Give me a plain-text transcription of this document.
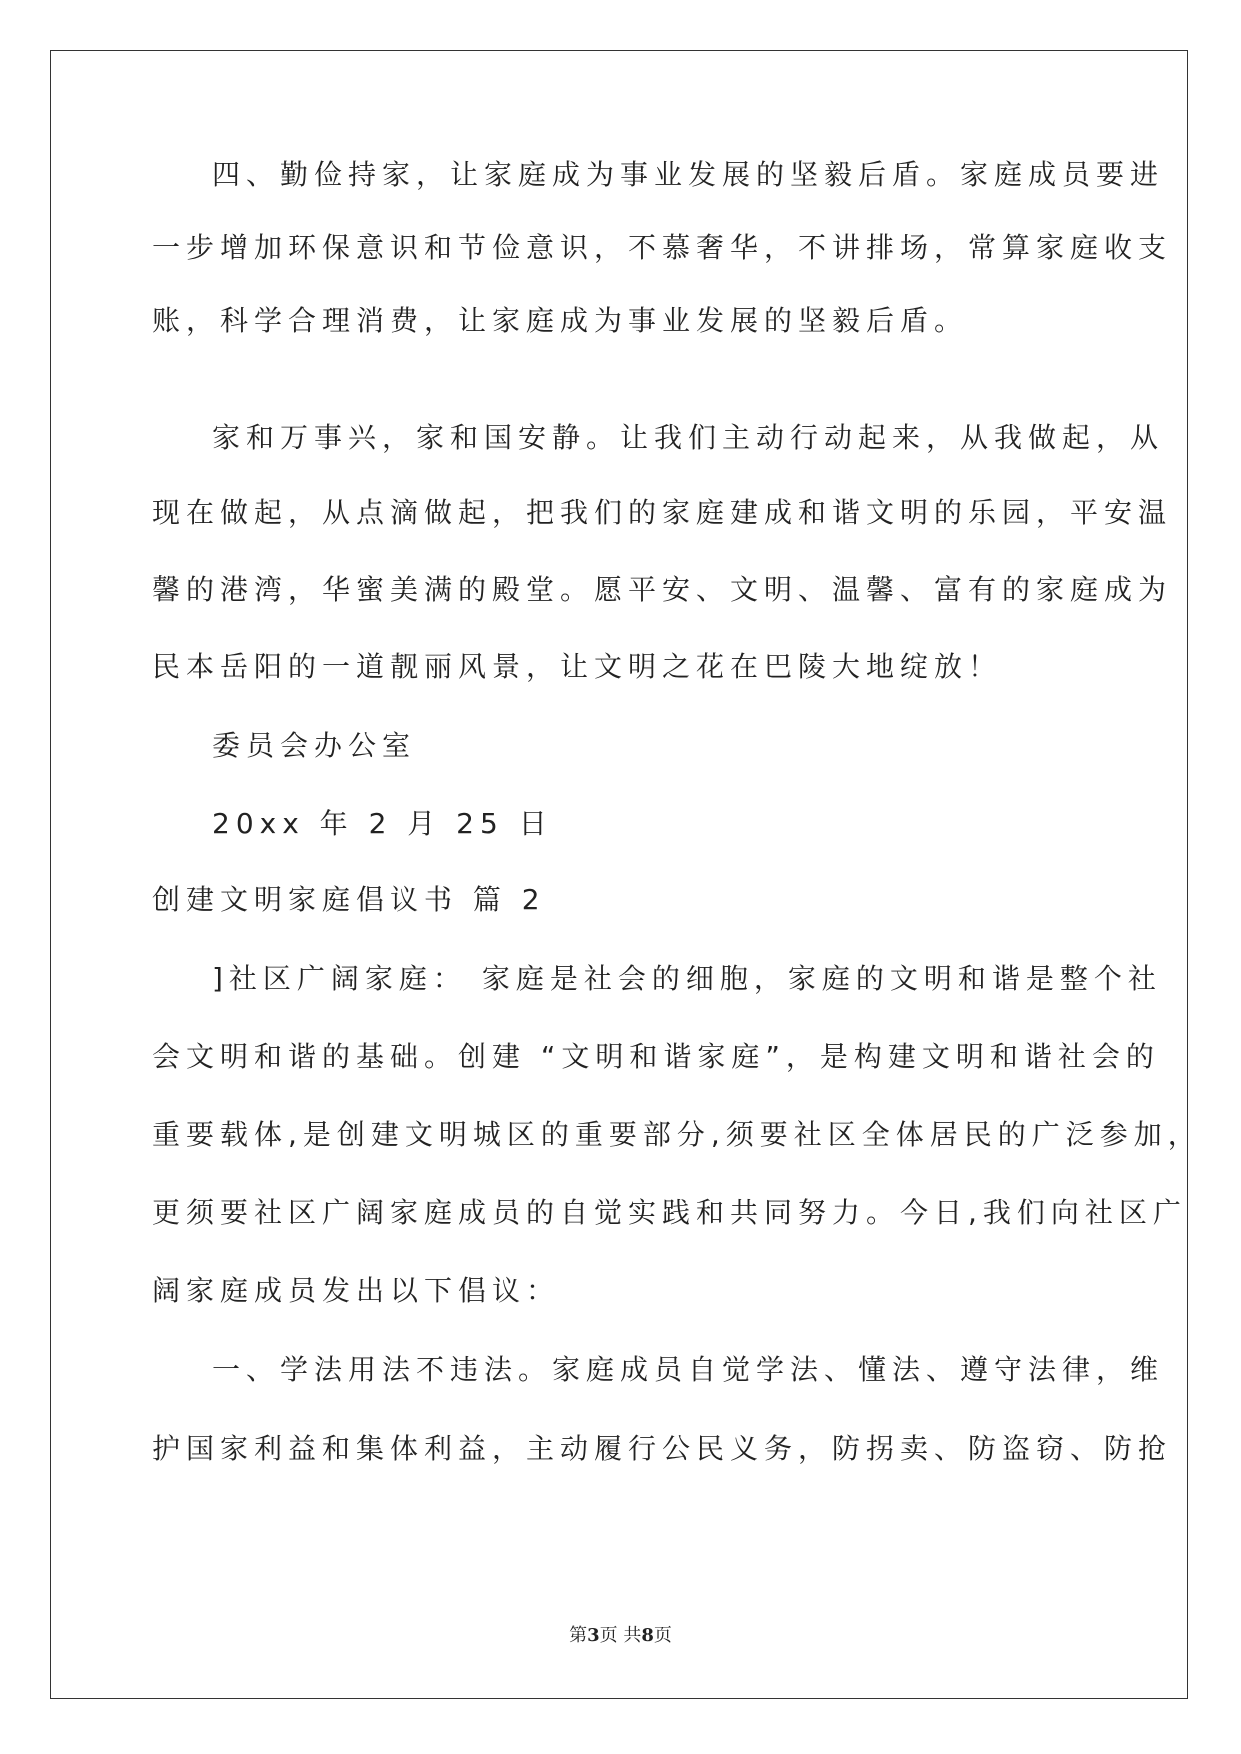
四、勤俭持家，让家庭成为事业发展的坚毅后盾。家庭成员要进
一步增加环保意识和节俭意识，不慕奢华，不讲排场，常算家庭收支
账，科学合理消费，让家庭成为事业发展的坚毅后盾。
家和万事兴，家和国安静。让我们主动行动起来，从我做起，从
现在做起，从点滴做起，把我们的家庭建成和谐文明的乐园，平安温
馨的港湾，华蜜美满的殿堂。愿平安、文明、温馨、富有的家庭成为
民本岳阳的一道靓丽风景，让文明之花在巴陵大地绽放！
委员会办公室
20xx 年 2 月 25 日
创建文明家庭倡议书 篇 2
]社区广阔家庭： 家庭是社会的细胞，家庭的文明和谐是整个社
会文明和谐的基础。创建 “文明和谐家庭”，是构建文明和谐社会的
重要载体,是创建文明城区的重要部分,须要社区全体居民的广泛参加，
更须要社区广阔家庭成员的自觉实践和共同努力。今日,我们向社区广
阔家庭成员发出以下倡议：
一、学法用法不违法。家庭成员自觉学法、懂法、遵守法律，维
护国家利益和集体利益，主动履行公民义务，防拐卖、防盗窃、防抢
第3页 共8页
